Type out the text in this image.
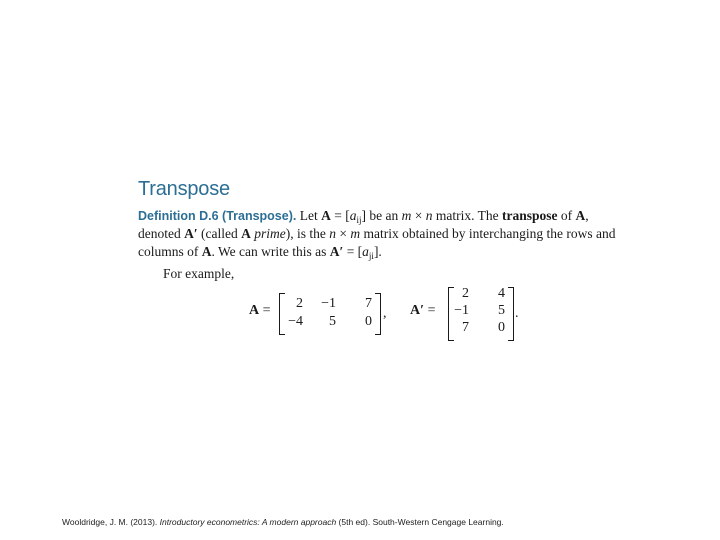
Transpose
Definition D.6 (Transpose). Let $A = [a_{ij}]$ be an m × n matrix. The transpose of A,
denoted A′ (called A prime), is the n × m matrix obtained by interchanging the rows and
columns of A. We can write this as $A' = [a_{ji}]$.
For example,
A =	2	−1	7
−4	5	0
, A′ =
2	4
−1	5
7	0
.
Wooldridge, J. M. (2013). Introductory econometrics: A modern approach (5th ed). South-Western Cengage Learning.
